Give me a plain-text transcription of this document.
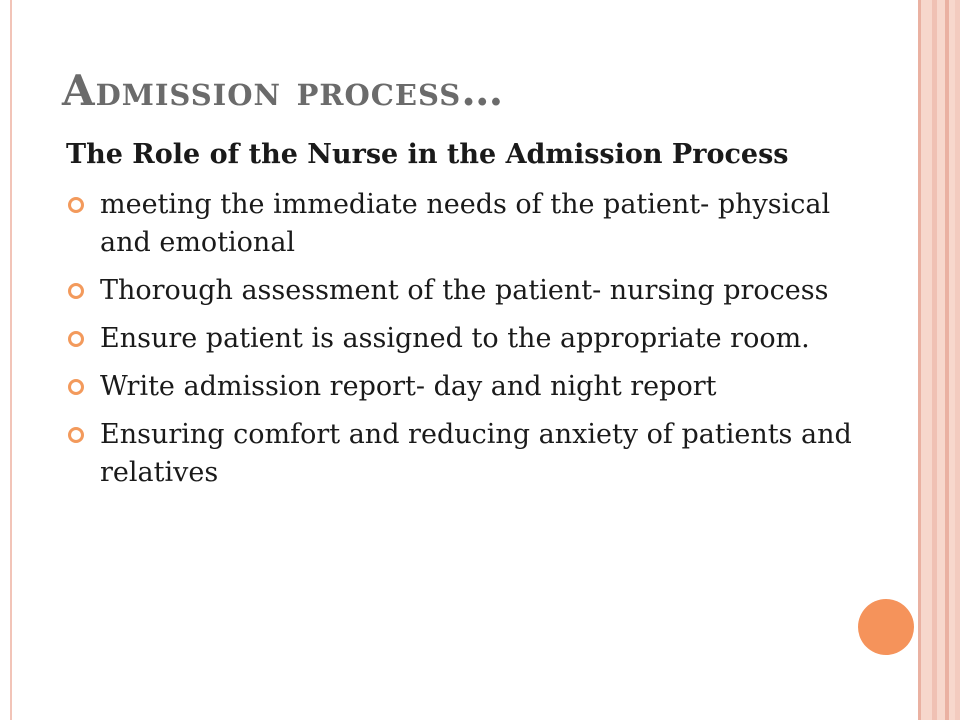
Admission process…

The Role of the Nurse in the Admission Process

meeting the immediate needs of the patient- physical and emotional
Thorough assessment of the patient- nursing process
Ensure patient is assigned to the appropriate room.
Write admission report- day and night report
Ensuring comfort and reducing anxiety of patients and relatives
